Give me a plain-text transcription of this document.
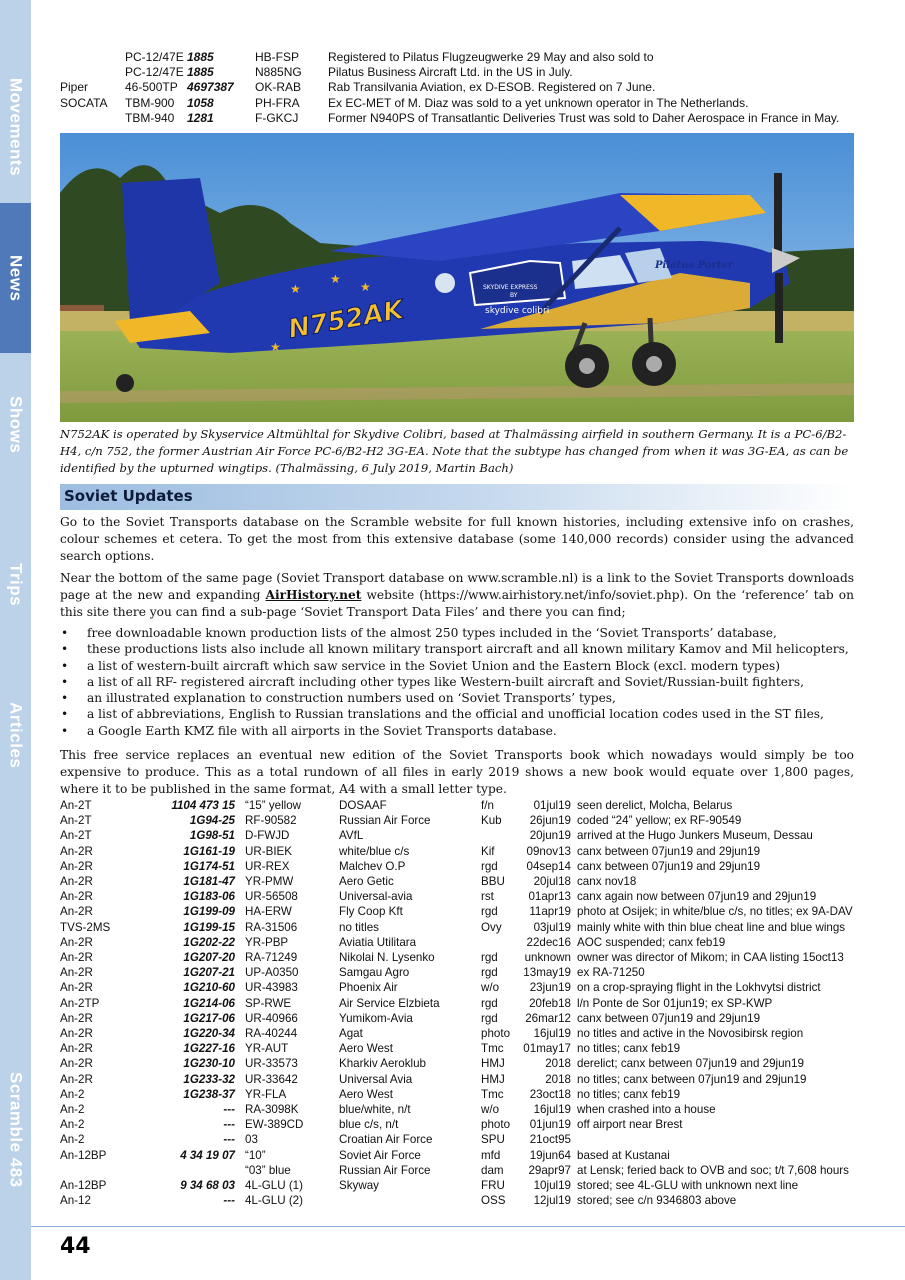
Movements
News
Shows
Trips
Articles
Scramble 483
	PC-12/47E	1885	HB-FSP	Registered to Pilatus Flugzeugwerke 29 May and also sold to
	PC-12/47E	1885	N885NG	Pilatus Business Aircraft Ltd. in the US in July.
Piper	46-500TP	4697387	OK-RAB	Rab Transilvania Aviation, ex D-ESOB. Registered on 7 June.
SOCATA	TBM-900	1058	PH-FRA	Ex EC-MET of M. Diaz was sold to a yet unknown operator in The Netherlands.
	TBM-940	1281	F-GKCJ	Former N940PS of Transatlantic Deliveries Trust was sold to Daher Aerospace in France in May.
★
★
★
★
N752AK
Pilatus Porter
SKYDIVE EXPRESS
BY
skydive colibri
N752AK is operated by Skyservice Altmühltal for Skydive Colibri, based at Thalmässing airfield in southern Germany. It is a PC-6/B2-H4, c/n 752, the former Austrian Air Force PC-6/B2-H2 3G-EA. Note that the subtype has changed from when it was 3G-EA, as can be identified by the upturned wingtips. (Thalmässing, 6 July 2019, Martin Bach)
Soviet Updates

Go to the Soviet Transports database on the Scramble website for full known histories, including extensive info on crashes, colour schemes et cetera. To get the most from this extensive database (some 140,000 records) consider using the advanced search options.

Near the bottom of the same page (Soviet Transport database on www.scramble.nl) is a link to the Soviet Transports downloads page at the new and expanding AirHistory.net website (https://www.airhistory.net/info/soviet.php). On the ‘reference’ tab on this site there you can find a sub-page ‘Soviet Transport Data Files’ and there you can find;

• free downloadable known production lists of the almost 250 types included in the ‘Soviet Transports’ database,
• these productions lists also include all known military transport aircraft and all known military Kamov and Mil helicopters,
• a list of western-built aircraft which saw service in the Soviet Union and the Eastern Block (excl. modern types)
• a list of all RF- registered aircraft including other types like Western-built aircraft and Soviet/Russian-built fighters,
• an illustrated explanation to construction numbers used on ‘Soviet Transports’ types,
• a list of abbreviations, English to Russian translations and the official and unofficial location codes used in the ST files,
• a Google Earth KMZ file with all airports in the Soviet Transports database.

This free service replaces an eventual new edition of the Soviet Transports book which nowadays would simply be too expensive to produce. This as a total rundown of all files in early 2019 shows a new book would equate over 1,800 pages, where it to be published in the same format, A4 with a small letter type.

An-2T	1104 473 15		“15” yellow	DOSAAF	f/n	01jul19		seen derelict, Molcha, Belarus
An-2T	1G94-25		RF-90582	Russian Air Force	Kub	26jun19		coded “24” yellow; ex RF-90549
An-2T	1G98-51		D-FWJD	AVfL		20jun19		arrived at the Hugo Junkers Museum, Dessau
An-2R	1G161-19		UR-BIEK	white/blue c/s	Kif	09nov13		canx between 07jun19 and 29jun19
An-2R	1G174-51		UR-REX	Malchev O.P	rgd	04sep14		canx between 07jun19 and 29jun19
An-2R	1G181-47		YR-PMW	Aero Getic	BBU	20jul18		canx nov18
An-2R	1G183-06		UR-56508	Universal-avia	rst	01apr13		canx again now between 07jun19 and 29jun19
An-2R	1G199-09		HA-ERW	Fly Coop Kft	rgd	11apr19		photo at Osijek; in white/blue c/s, no titles; ex 9A-DAV
TVS-2MS	1G199-15		RA-31506	no titles	Ovy	03jul19		mainly white with thin blue cheat line and blue wings
An-2R	1G202-22		YR-PBP	Aviatia Utilitara		22dec16		AOC suspended; canx feb19
An-2R	1G207-20		RA-71249	Nikolai N. Lysenko	rgd	unknown		owner was director of Mikom; in CAA listing 15oct13
An-2R	1G207-21		UP-A0350	Samgau Agro	rgd	13may19		ex RA-71250
An-2R	1G210-60		UR-43983	Phoenix Air	w/o	23jun19		on a crop-spraying flight in the Lokhvytsi district
An-2TP	1G214-06		SP-RWE	Air Service Elzbieta	rgd	20feb18		l/n Ponte de Sor 01jun19; ex SP-KWP
An-2R	1G217-06		UR-40966	Yumikom-Avia	rgd	26mar12		canx between 07jun19 and 29jun19
An-2R	1G220-34		RA-40244	Agat	photo	16jul19		no titles and active in the Novosibirsk region
An-2R	1G227-16		YR-AUT	Aero West	Tmc	01may17		no titles; canx feb19
An-2R	1G230-10		UR-33573	Kharkiv Aeroklub	HMJ	2018		derelict; canx between 07jun19 and 29jun19
An-2R	1G233-32		UR-33642	Universal Avia	HMJ	2018		no titles; canx between 07jun19 and 29jun19
An-2	1G238-37		YR-FLA	Aero West	Tmc	23oct18		no titles; canx feb19
An-2	---		RA-3098K	blue/white, n/t	w/o	16jul19		when crashed into a house
An-2	---		EW-389CD	blue c/s, n/t	photo	01jun19		off airport near Brest
An-2	---		03	Croatian Air Force	SPU	21oct95		
An-12BP	4 34 19 07		“10”	Soviet Air Force	mfd	19jun64		based at Kustanai
			“03” blue	Russian Air Force	dam	29apr97		at Lensk; feried back to OVB and soc; t/t 7,608 hours
An-12BP	9 34 68 03		4L-GLU (1)	Skyway	FRU	10jul19		stored; see 4L-GLU with unknown next line
An-12	---		4L-GLU (2)		OSS	12jul19		stored; see c/n 9346803 above
44
